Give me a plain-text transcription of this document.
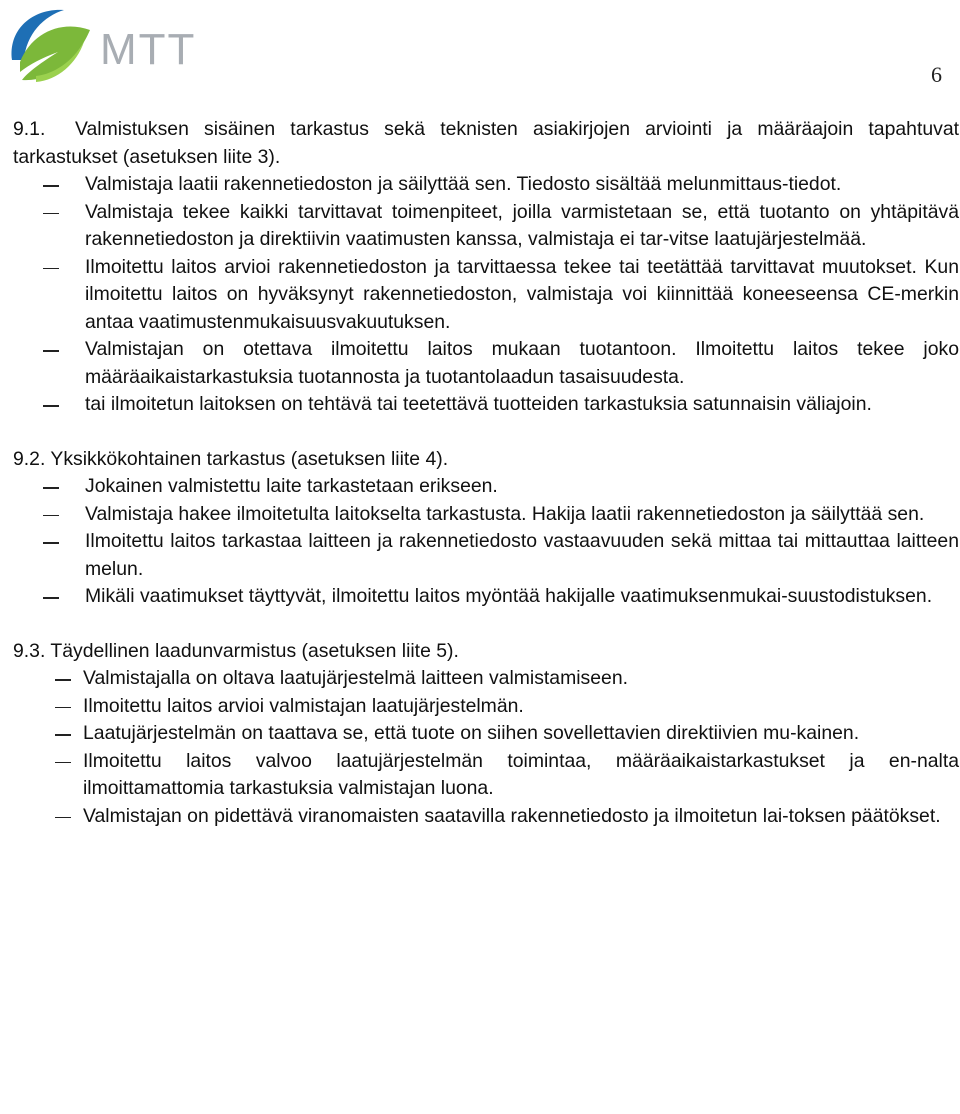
MTT
6

9.1. Valmistuksen sisäinen tarkastus sekä teknisten asiakirjojen arviointi ja määräajoin tapahtuvat tarkastukset (asetuksen liite 3).

Valmistaja laatii rakennetiedoston ja säilyttää sen. Tiedosto sisältää melunmittaus-tiedot.
Valmistaja tekee kaikki tarvittavat toimenpiteet, joilla varmistetaan se, että tuotanto on yhtäpitävä rakennetiedoston ja direktiivin vaatimusten kanssa, valmistaja ei tar-vitse laatujärjestelmää.
Ilmoitettu laitos arvioi rakennetiedoston ja tarvittaessa tekee tai teetättää tarvittavat muutokset. Kun ilmoitettu laitos on hyväksynyt rakennetiedoston, valmistaja voi kiinnittää koneeseensa CE-merkin antaa vaatimustenmukaisuusvakuutuksen.
Valmistajan on otettava ilmoitettu laitos mukaan tuotantoon. Ilmoitettu laitos tekee joko määräaikaistarkastuksia tuotannosta ja tuotantolaadun tasaisuudesta.
tai ilmoitetun laitoksen on tehtävä tai teetettävä tuotteiden tarkastuksia satunnaisin väliajoin.

9.2. Yksikkökohtainen tarkastus (asetuksen liite 4).

Jokainen valmistettu laite tarkastetaan erikseen.
Valmistaja hakee ilmoitetulta laitokselta tarkastusta. Hakija laatii rakennetiedoston ja säilyttää sen.
Ilmoitettu laitos tarkastaa laitteen ja rakennetiedosto vastaavuuden sekä mittaa tai mittauttaa laitteen melun.
Mikäli vaatimukset täyttyvät, ilmoitettu laitos myöntää hakijalle vaatimuksenmukai-suustodistuksen.

9.3. Täydellinen laadunvarmistus (asetuksen liite 5).

Valmistajalla on oltava laatujärjestelmä laitteen valmistamiseen.
Ilmoitettu laitos arvioi valmistajan laatujärjestelmän.
Laatujärjestelmän on taattava se, että tuote on siihen sovellettavien direktiivien mu-kainen.
Ilmoitettu laitos valvoo laatujärjestelmän toimintaa, määräaikaistarkastukset ja en-nalta ilmoittamattomia tarkastuksia valmistajan luona.
Valmistajan on pidettävä viranomaisten saatavilla rakennetiedosto ja ilmoitetun lai-toksen päätökset.
